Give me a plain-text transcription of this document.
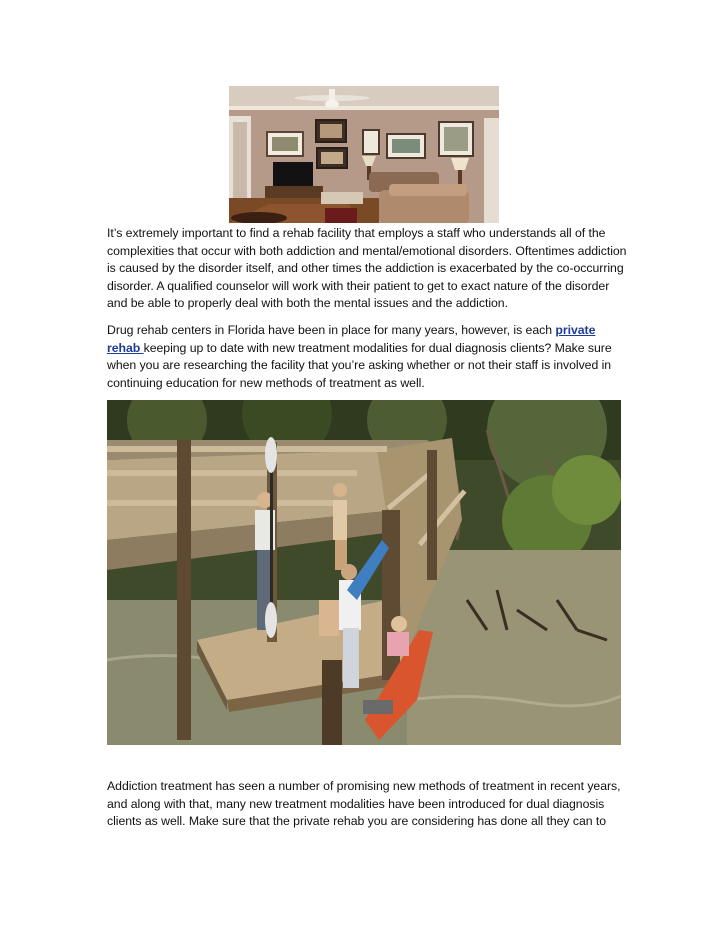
It’s extremely important to find a rehab facility that employs a staff who understands all of the complexities that occur with both addiction and mental/emotional disorders. Oftentimes addiction is caused by the disorder itself, and other times the addiction is exacerbated by the co-occurring disorder. A qualified counselor will work with their patient to get to exact nature of the disorder and be able to properly deal with both the mental issues and the addiction.

Drug rehab centers in Florida have been in place for many years, however, is each private rehab keeping up to date with new treatment modalities for dual diagnosis clients? Make sure when you are researching the facility that you’re asking whether or not their staff is involved in continuing education for new methods of treatment as well.

Addiction treatment has seen a number of promising new methods of treatment in recent years, and along with that, many new treatment modalities have been introduced for dual diagnosis clients as well. Make sure that the private rehab you are considering has done all they can to
